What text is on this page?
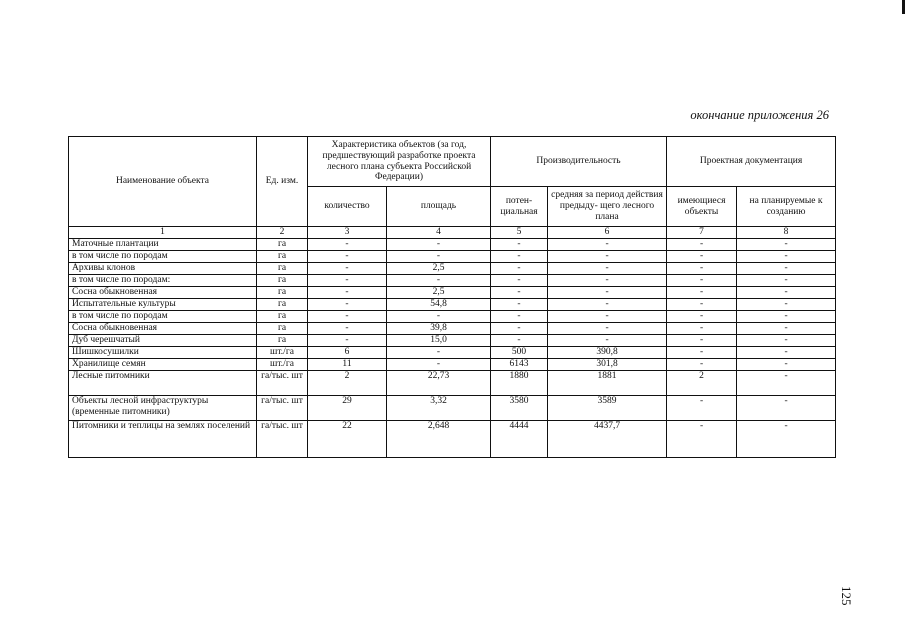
окончание приложения 26
Наименование объекта	Ед. изм.	Характеристика объектов (за год, предшествующий разработке проекта лесного плана субъекта Российской Федерации)		Производительность		Проектная документация	
		количество	площадь	потен- циальная	средняя за период действия предыду- щего лесного плана	имеющиеся объекты	на планируемые к созданию
1	2	3	4	5	6	7	8
Маточные плантации	га	-	-	-	-	-	-
в том числе по породам	га	-	-	-	-	-	-
Архивы клонов	га	-	2,5	-	-	-	-
в том числе по породам:	га	-	-	-	-	-	-
Сосна обыкновенная	га	-	2,5	-	-	-	-
Испытательные культуры	га	-	54,8	-	-	-	-
в том числе по породам	га	-	-	-	-	-	-
Сосна обыкновенная	га	-	39,8	-	-	-	-
Дуб черешчатый	га	-	15,0	-	-	-	-
Шишкосушилки	шт./га	6	-	500	390,8	-	-
Хранилище семян	шт./га	11	-	6143	301,8	-	-
Лесные питомники	га/тыс. шт	2	22,73	1880	1881	2	-
Объекты лесной инфраструктуры (временные питомники)	га/тыс. шт	29	3,32	3580	3589	-	-
Питомники и теплицы на землях поселений	га/тыс. шт	22	2,648	4444	4437,7	-	-
125
